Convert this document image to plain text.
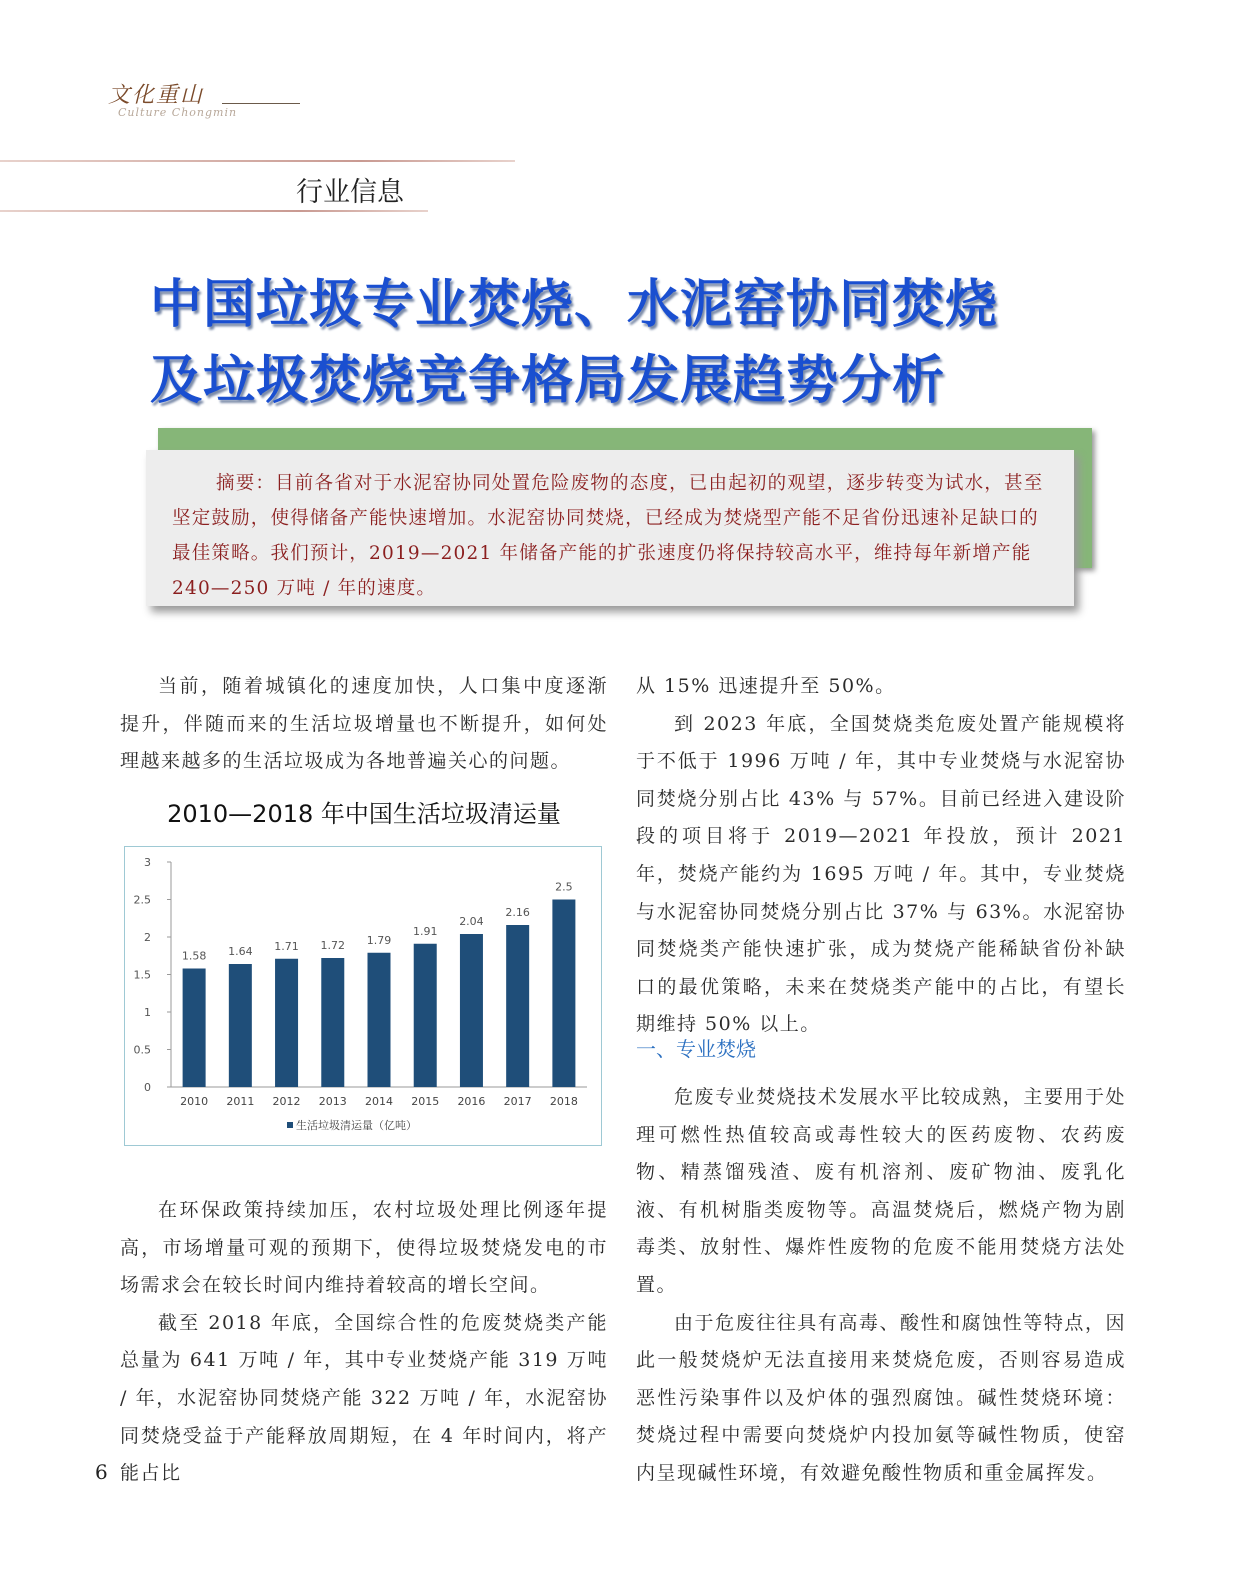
文化重山
Culture Chongmin
行业信息
中国垃圾专业焚烧、水泥窑协同焚烧
及垃圾焚烧竞争格局发展趋势分析
摘要：目前各省对于水泥窑协同处置危险废物的态度，已由起初的观望，逐步转变为试水，甚至坚定鼓励，使得储备产能快速增加。水泥窑协同焚烧，已经成为焚烧型产能不足省份迅速补足缺口的最佳策略。我们预计，2019—2021 年储备产能的扩张速度仍将保持较高水平，维持每年新增产能 240—250 万吨 / 年的速度。

当前，随着城镇化的速度加快，人口集中度逐渐提升，伴随而来的生活垃圾增量也不断提升，如何处理越来越多的生活垃圾成为各地普遍关心的问题。

2010—2018 年中国生活垃圾清运量
0
0.5
1
1.5
2
2.5
3
1.58
2010
1.64
2011
1.71
2012
1.72
2013
1.79
2014
1.91
2015
2.04
2016
2.16
2017
2.5
2018
生活垃圾清运量（亿吨）

在环保政策持续加压，农村垃圾处理比例逐年提高，市场增量可观的预期下，使得垃圾焚烧发电的市场需求会在较长时间内维持着较高的增长空间。

截至 2018 年底，全国综合性的危废焚烧类产能总量为 641 万吨 / 年，其中专业焚烧产能 319 万吨 / 年，水泥窑协同焚烧产能 322 万吨 / 年，水泥窑协同焚烧受益于产能释放周期短，在 4 年时间内，将产能占比

从 15% 迅速提升至 50%。

到 2023 年底，全国焚烧类危废处置产能规模将于不低于 1996 万吨 / 年，其中专业焚烧与水泥窑协同焚烧分别占比 43% 与 57%。目前已经进入建设阶段的项目将于 2019—2021 年投放，预计 2021 年，焚烧产能约为 1695 万吨 / 年。其中，专业焚烧与水泥窑协同焚烧分别占比 37% 与 63%。水泥窑协同焚烧类产能快速扩张，成为焚烧产能稀缺省份补缺口的最优策略，未来在焚烧类产能中的占比，有望长期维持 50% 以上。

一、专业焚烧

危废专业焚烧技术发展水平比较成熟，主要用于处理可燃性热值较高或毒性较大的医药废物、农药废物、精蒸馏残渣、废有机溶剂、废矿物油、废乳化液、有机树脂类废物等。高温焚烧后，燃烧产物为剧毒类、放射性、爆炸性废物的危废不能用焚烧方法处置。

由于危废往往具有高毒、酸性和腐蚀性等特点，因此一般焚烧炉无法直接用来焚烧危废，否则容易造成恶性污染事件以及炉体的强烈腐蚀。碱性焚烧环境：焚烧过程中需要向焚烧炉内投加氨等碱性物质，使窑内呈现碱性环境，有效避免酸性物质和重金属挥发。

6
